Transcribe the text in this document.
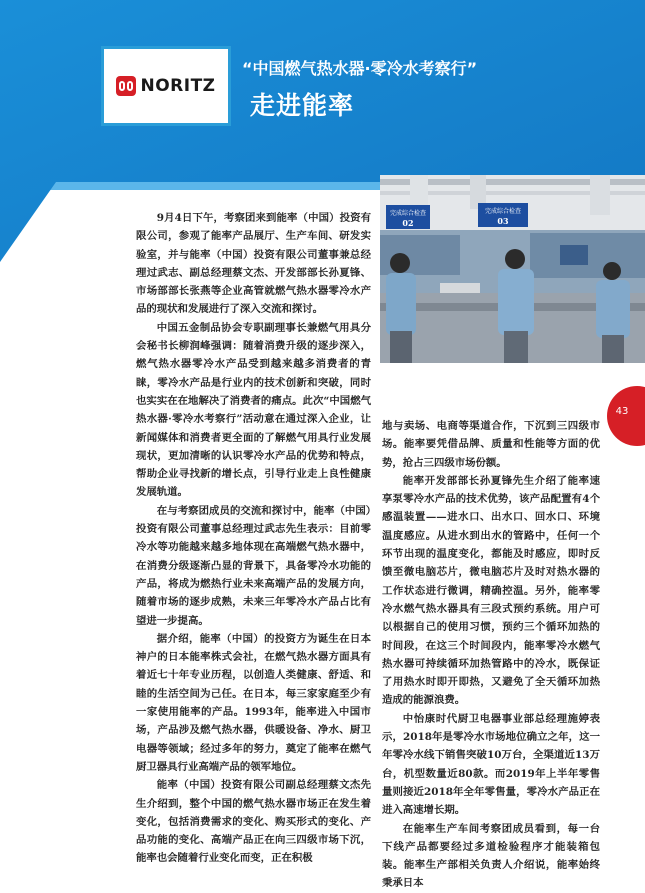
NORITZ
“中国燃气热水器·零冷水考察行”
走进能率
完成综合检查
02
完成综合检查
03

9月4日下午，考察团来到能率（中国）投资有限公司，参观了能率产品展厅、生产车间、研发实验室，并与能率（中国）投资有限公司董事兼总经理过武志、副总经理蔡文杰、开发部部长孙夏锋、市场部部长张燕等企业高管就燃气热水器零冷水产品的现状和发展进行了深入交流和探讨。

中国五金制品协会专职副理事长兼燃气用具分会秘书长柳润峰强调：随着消费升级的逐步深入，燃气热水器零冷水产品受到越来越多消费者的青睐，零冷水产品是行业内的技术创新和突破，同时也实实在在地解决了消费者的痛点。此次“中国燃气热水器·零冷水考察行”活动意在通过深入企业，让新闻媒体和消费者更全面的了解燃气用具行业发展现状，更加清晰的认识零冷水产品的优势和特点，帮助企业寻找新的增长点，引导行业走上良性健康发展轨道。

在与考察团成员的交流和探讨中，能率（中国）投资有限公司董事总经理过武志先生表示：目前零冷水等功能越来越多地体现在高端燃气热水器中，在消费分级逐渐凸显的背景下，具备零冷水功能的产品，将成为燃热行业未来高端产品的发展方向，随着市场的逐步成熟，未来三年零冷水产品占比有望进一步提高。

据介绍，能率（中国）的投资方为诞生在日本神户的日本能率株式会社，在燃气热水器方面具有着近七十年专业历程，以创造人类健康、舒适、和睦的生活空间为己任。在日本，每三家家庭至少有一家使用能率的产品。1993年，能率进入中国市场，产品涉及燃气热水器，供暖设备、净水、厨卫电器等领域；经过多年的努力，奠定了能率在燃气厨卫器具行业高端产品的领军地位。

能率（中国）投资有限公司副总经理蔡文杰先生介绍到，整个中国的燃气热水器市场正在发生着变化，包括消费需求的变化、购买形式的变化、产品功能的变化、高端产品正在向三四级市场下沉，能率也会随着行业变化而变，正在积极

地与卖场、电商等渠道合作，下沉到三四级市场。能率要凭借品牌、质量和性能等方面的优势，抢占三四级市场份额。

能率开发部部长孙夏锋先生介绍了能率速享泵零冷水产品的技术优势，该产品配置有4个感温装置——进水口、出水口、回水口、环境温度感应。从进水到出水的管路中，任何一个环节出现的温度变化，都能及时感应，即时反馈至微电脑芯片，微电脑芯片及时对热水器的工作状态进行微调，精确控温。另外，能率零冷水燃气热水器具有三段式预约系统。用户可以根据自己的使用习惯，预约三个循环加热的时间段，在这三个时间段内，能率零冷水燃气热水器可持续循环加热管路中的冷水，既保证了用热水时即开即热，又避免了全天循环加热造成的能源浪费。

中怡康时代厨卫电器事业部总经理施婷表示，2018年是零冷水市场地位确立之年，这一年零冷水线下销售突破10万台，全渠道近13万台，机型数量近80款。而2019年上半年零售量则接近2018年全年零售量，零冷水产品正在进入高速增长期。

在能率生产车间考察团成员看到，每一台下线产品都要经过多道检验程序才能装箱包装。能率生产部相关负责人介绍说，能率始终秉承日本

43
